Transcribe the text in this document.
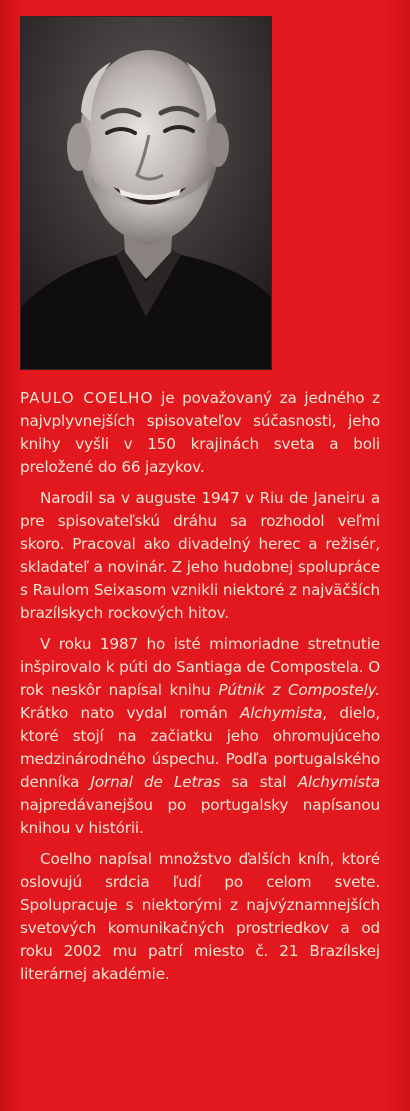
PAULO COELHO je považovaný za jedného z najvplyvnejších spisovateľov súčasnosti, jeho knihy vyšli v 150 krajinách sveta a boli preložené do 66 jazykov.

Narodil sa v auguste 1947 v Riu de Janeiru a pre spisovateľskú dráhu sa rozhodol veľmi skoro. Pracoval ako divadelný herec a režisér, skladateľ a novinár. Z jeho hudobnej spolupráce s Raulom Seixasom vznikli niektoré z najväčších brazílskych rockových hitov.

V roku 1987 ho isté mimoriadne stretnutie inšpirovalo k púti do Santiaga de Compostela. O rok neskôr napísal knihu Pútnik z Compostely. Krátko nato vydal román Alchymista, dielo, ktoré stojí na začiatku jeho ohromujúceho medzinárodného úspechu. Podľa portugalského denníka Jornal de Letras sa stal Alchymista najpredávanejšou po portugalsky napísanou knihou v histórii.

Coelho napísal množstvo ďalších kníh, ktoré oslovujú srdcia ľudí po celom svete. Spolupracuje s niektorými z najvýznamnejších svetových komunikačných prostriedkov a od roku 2002 mu patrí miesto č. 21 Brazílskej literárnej akadémie.
